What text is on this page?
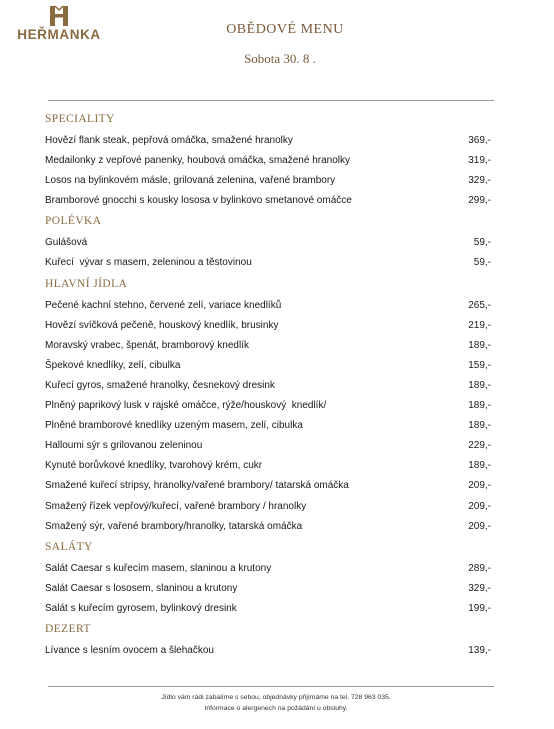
HEŘMANKA	OBĚDOVÉ MENU
Sobota 30. 8 .
SPECIALITY
Hovězí flank steak, pepřová omáčka, smažené hranolky	369,-
Medailonky z vepřové panenky, houbová omáčka, smažené hranolky	319,-
Losos na bylinkovém másle, grilovaná zelenina, vařené brambory	329,-
Bramborové gnocchi s kousky lososa v bylinkovo smetanové omáčce	299,-
POLÉVKA
Gulášová	59,-
Kuřecí  vývar s masem, zeleninou a těstovinou	59,-
HLAVNÍ JÍDLA
Pečené kachní stehno, červené zelí, variace knedlíků	265,-
Hovězí svíčková pečeně, houskový knedlík, brusinky	219,-
Moravský vrabec, špenát, bramborový knedlík	189,-
Špekové knedlíky, zelí, cibulka	159,-
Kuřecí gyros, smažené hranolky, česnekový dresink	189,-
Plněný paprikový lusk v rajské omáčce, rýže/houskový  knedlík/	189,-
Plněné bramborové knedlíky uzeným masem, zelí, cibulka	189,-
Halloumi sýr s grilovanou zeleninou	229,-
Kynuté borůvkové knedlíky, tvarohový krém, cukr	189,-
Smažené kuřecí stripsy, hranolky/vařené brambory/ tatarská omáčka	209,-
Smažený řízek vepřový/kuřecí, vařené brambory / hranolky	209,-
Smažený sýr, vařené brambory/hranolky, tatarská omáčka	209,-
SALÁTY
Salát Caesar s kuřecím masem, slaninou a krutony	289,-
Salát Caesar s lososem, slaninou a krutony	329,-
Salát s kuřecím gyrosem, bylinkový dresink	199,-
DEZERT
Lívance s lesním ovocem a šlehačkou	139,-
Jídlo vám rádi zabalíme s sebou, objednávky přijímáme na tel. 728 963 035.
Informace o alergenech na požádání u obsluhy.
